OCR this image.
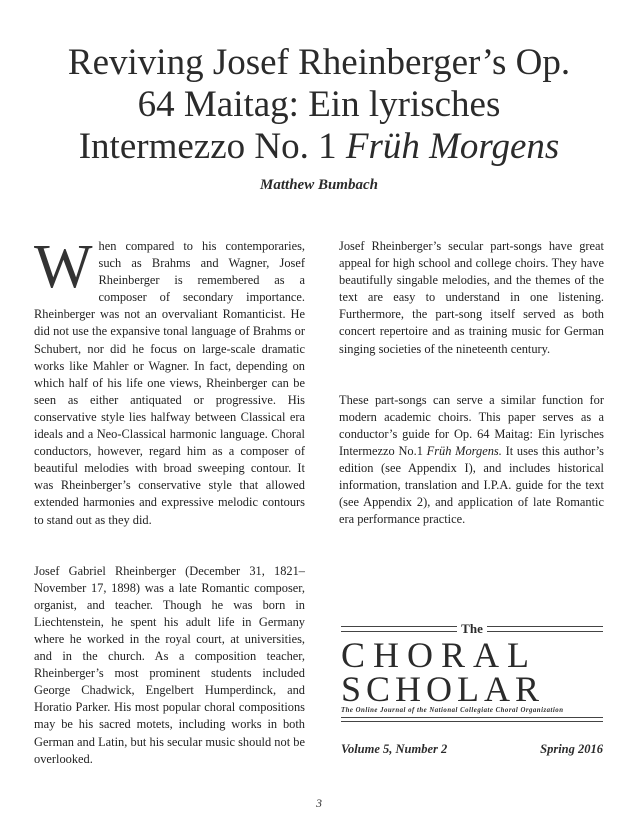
Reviving Josef Rheinberger’s Op.
64 Maitag: Ein lyrisches
Intermezzo No. 1 Früh Morgens
Matthew Bumbach

When compared to his contemporaries, such as Brahms and Wagner, Josef Rheinberger is remembered as a composer of secondary importance. Rheinberger was not an overvaliant Romanticist. He did not use the expansive tonal language of Brahms or Schubert, nor did he focus on large-scale dramatic works like Mahler or Wagner. In fact, depending on which half of his life one views, Rheinberger can be seen as either antiquated or progressive. His conservative style lies halfway between Classical era ideals and a Neo-Classical harmonic language. Choral conductors, however, regard him as a composer of beautiful melodies with broad sweeping contour. It was Rheinberger’s conservative style that allowed extended harmonies and expressive melodic contours to stand out as they did.

Josef Gabriel Rheinberger (December 31, 1821–November 17, 1898) was a late Romantic composer, organist, and teacher. Though he was born in Liechtenstein, he spent his adult life in Germany where he worked in the royal court, at universities, and in the church. As a composition teacher, Rheinberger’s most prominent students included George Chadwick, Engelbert Humperdinck, and Horatio Parker. His most popular choral compositions may be his sacred motets, including works in both German and Latin, but his secular music should not be overlooked.

Josef Rheinberger’s secular part-songs have great appeal for high school and college choirs. They have beautifully singable melodies, and the themes of the text are easy to understand in one listening. Furthermore, the part-song itself served as both concert repertoire and as training music for German singing societies of the nineteenth century.

These part-songs can serve a similar function for modern academic choirs. This paper serves as a conductor’s guide for Op. 64 Maitag: Ein lyrisches Intermezzo No.1 Früh Morgens. It uses this author’s edition (see Appendix I), and includes historical information, translation and I.P.A. guide for the text (see Appendix 2), and application of late Romantic era performance practice.

The
CHORAL
SCHOLAR
The Online Journal of the National Collegiate Choral Organization
Volume 5, Number 2	Spring 2016
3
